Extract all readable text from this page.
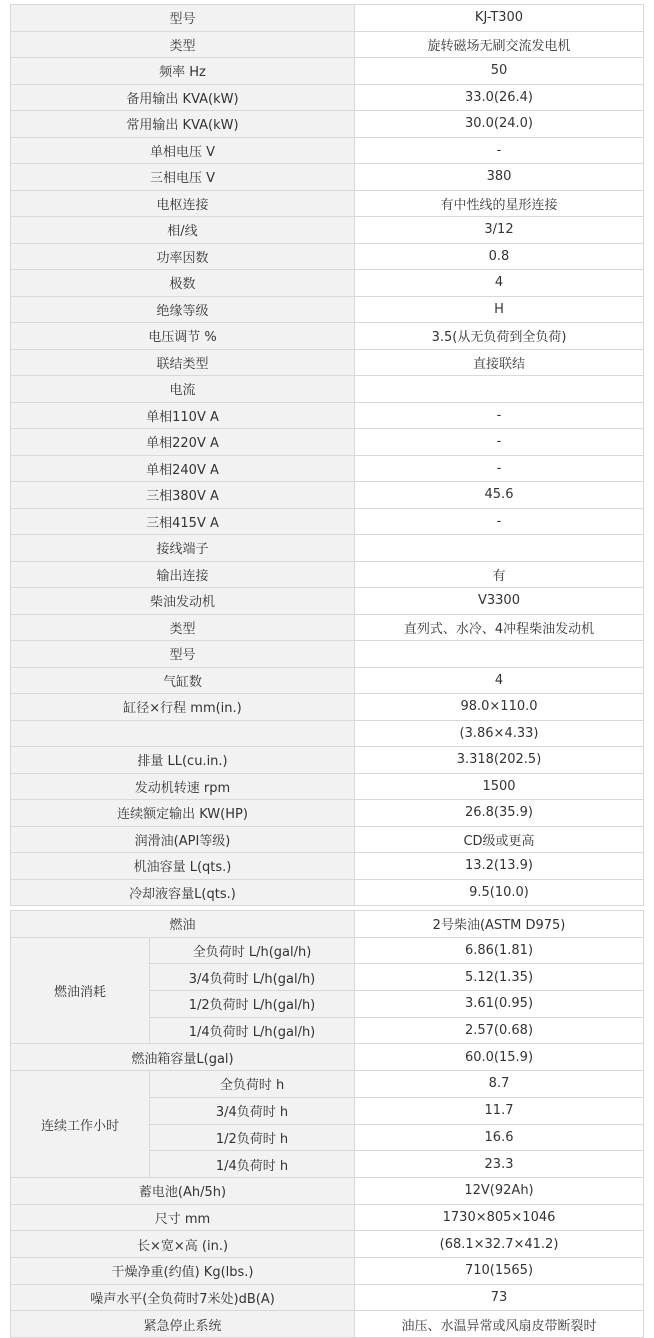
型号	KJ-T300
类型	旋转磁场无刷交流发电机
频率 Hz	50
备用输出 KVA(kW)	33.0(26.4)
常用输出 KVA(kW)	30.0(24.0)
单相电压 V	-
三相电压 V	380
电枢连接	有中性线的星形连接
相/线	3/12
功率因数	0.8
极数	4
绝缘等级	H
电压调节 %	3.5(从无负荷到全负荷)
联结类型	直接联结
电流	
单相110V A	-
单相220V A	-
单相240V A	-
三相380V A	45.6
三相415V A	-
接线端子	
输出连接	有
柴油发动机	V3300
类型	直列式、水冷、4冲程柴油发动机
型号	
气缸数	4
缸径×行程 mm(in.)	98.0×110.0
	(3.86×4.33)
排量 LL(cu.in.)	3.318(202.5)
发动机转速 rpm	1500
连续额定输出 KW(HP)	26.8(35.9)
润滑油(API等级)	CD级或更高
机油容量 L(qts.)	13.2(13.9)
冷却液容量L(qts.)	9.5(10.0)
燃油		2号柴油(ASTM D975)
燃油消耗	全负荷时 L/h(gal/h)	6.86(1.81)
	3/4负荷时 L/h(gal/h)	5.12(1.35)
	1/2负荷时 L/h(gal/h)	3.61(0.95)
	1/4负荷时 L/h(gal/h)	2.57(0.68)
燃油箱容量L(gal)		60.0(15.9)
连续工作小时	全负荷时 h	8.7
	3/4负荷时 h	11.7
	1/2负荷时 h	16.6
	1/4负荷时 h	23.3
蓄电池(Ah/5h)		12V(92Ah)
尺寸 mm		1730×805×1046
长×宽×高 (in.)		(68.1×32.7×41.2)
干燥净重(约值) Kg(lbs.)		710(1565)
噪声水平(全负荷时7米处)dB(A)		73
紧急停止系统		油压、水温异常或风扇皮带断裂时
